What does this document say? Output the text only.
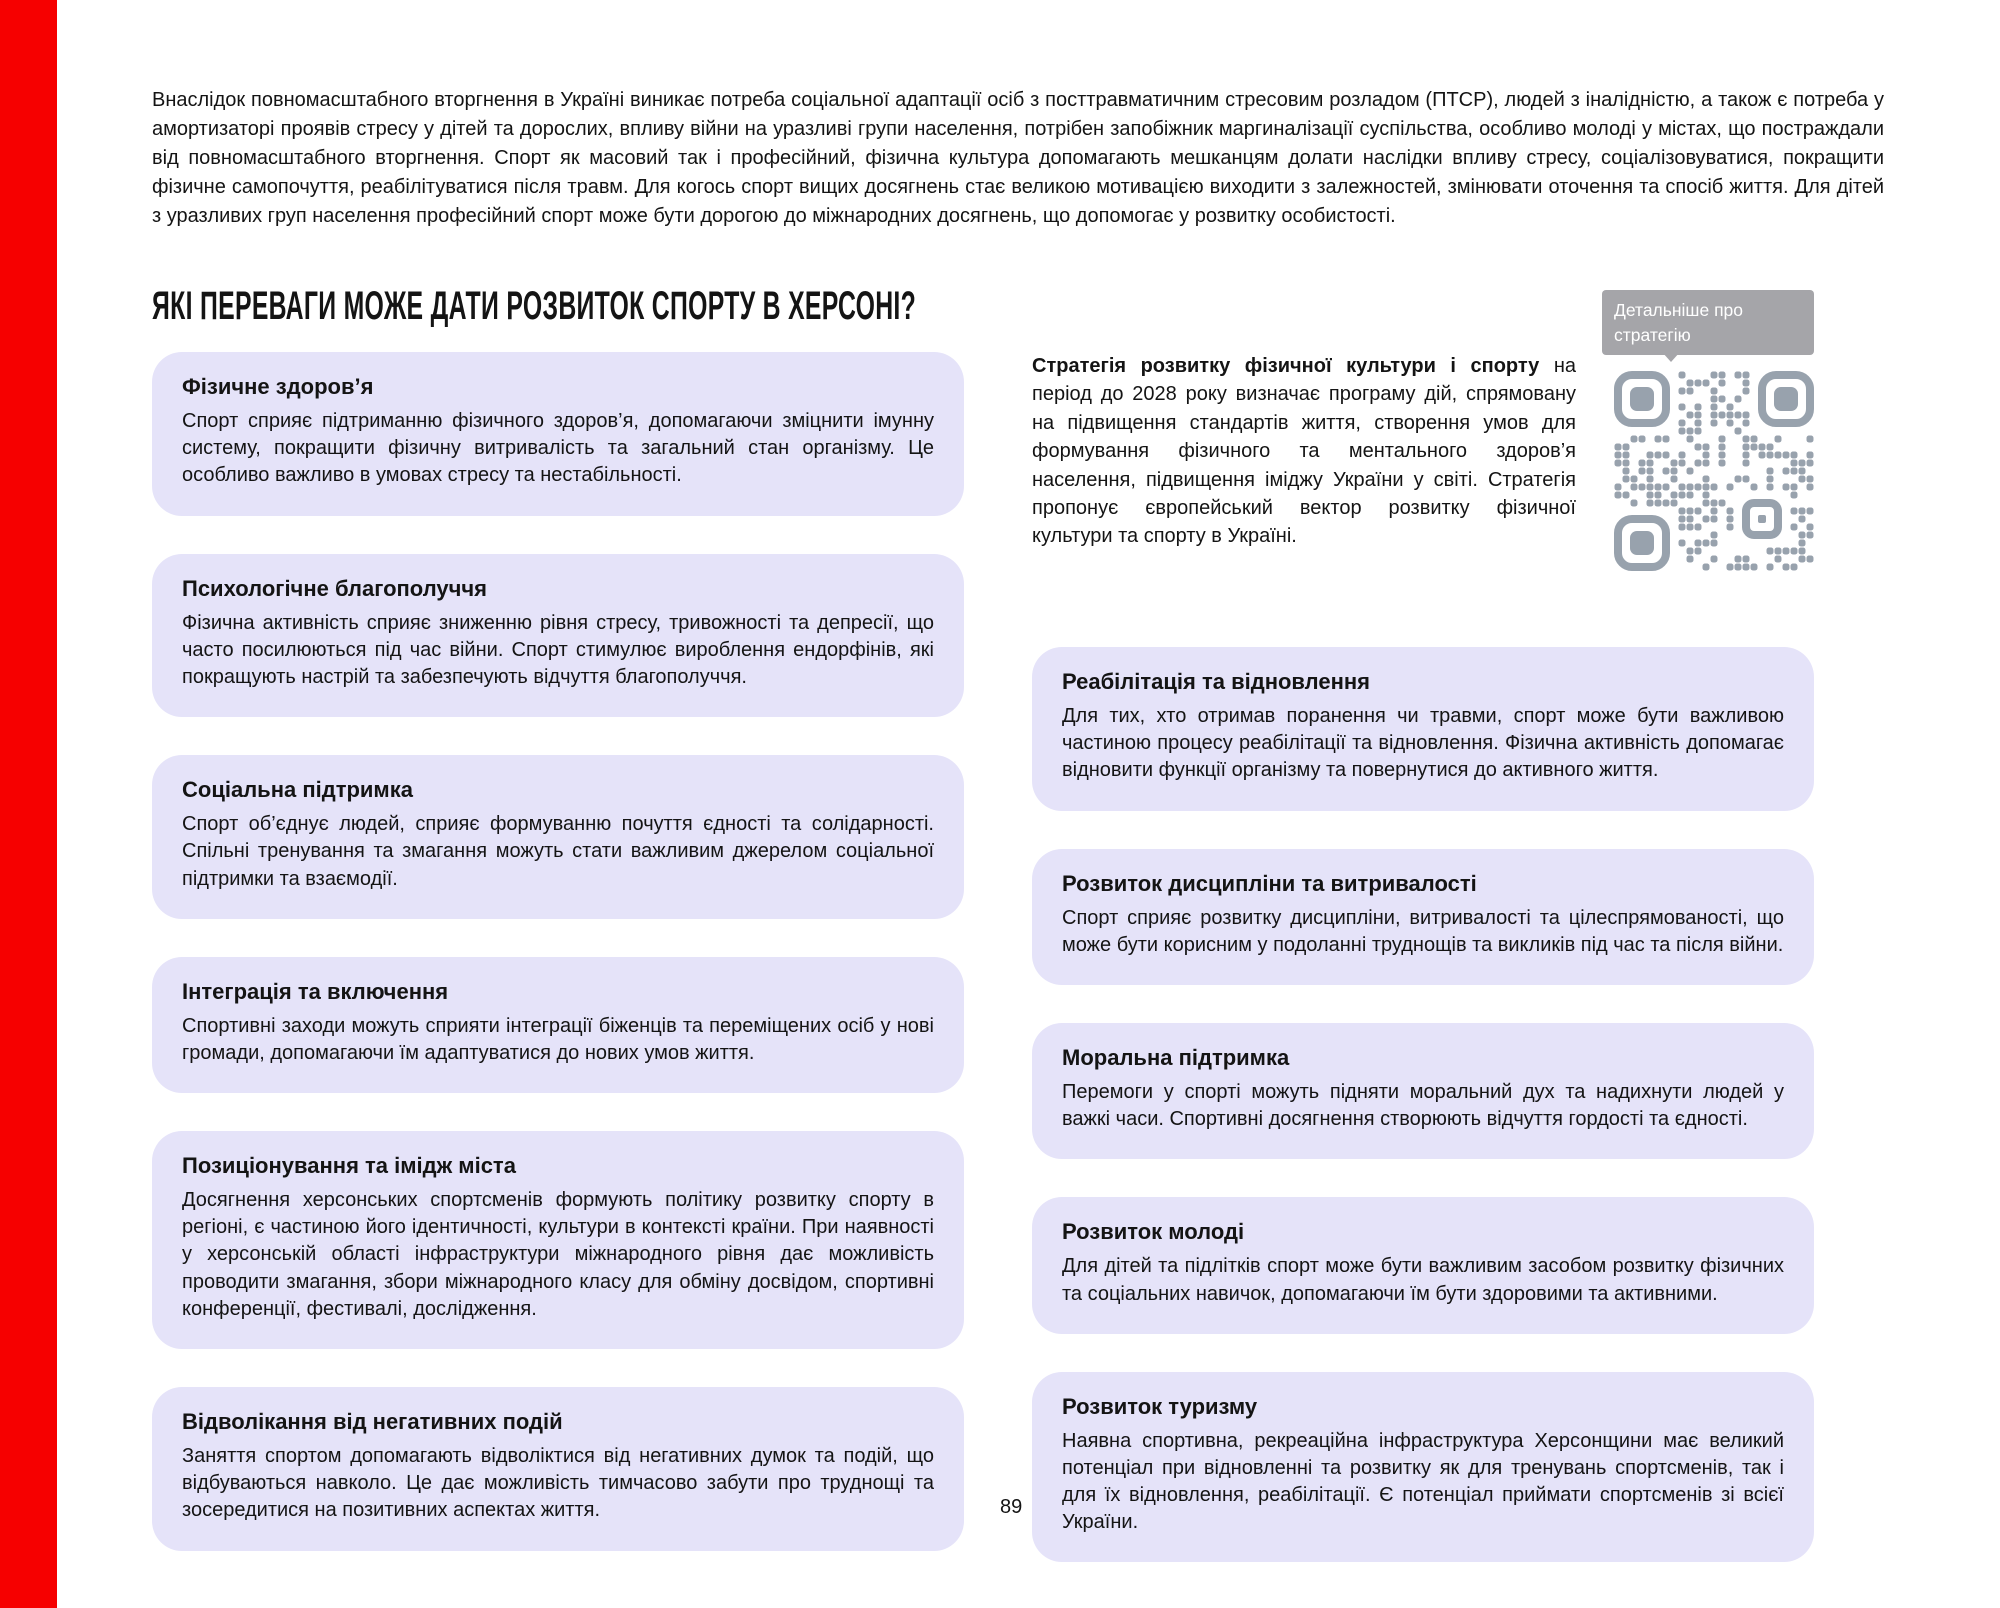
Внаслідок повномасштабного вторгнення в Україні виникає потреба соціальної адаптації осіб з посттравматичним стресовим розладом (ПТСР), людей з іналідністю, а також є потреба у амортизаторі проявів стресу у дітей та дорослих, впливу війни на уразливі групи населення, потрібен запобіжник маргиналізації суспільства, особливо молоді у містах, що постраждали від повномасштабного вторгнення. Спорт як масовий так і професійний, фізична культура допомагають мешканцям долати наслідки впливу стресу, соціалізовуватися, покращити фізичне самопочуття, реабілітуватися після травм. Для когось спорт вищих досягнень стає великою мотивацією виходити з залежностей, змінювати оточення та спосіб життя. Для дітей з уразливих груп населення професійний спорт може бути дорогою до міжнародних досягнень, що допомогає у розвитку особистості.

ЯКІ ПЕРЕВАГИ МОЖЕ ДАТИ РОЗВИТОК СПОРТУ В ХЕРСОНІ?
Фізичне здоров’я

Спорт сприяє підтриманню фізичного здоров’я, допомагаючи зміцнити імунну систему, покращити фізичну витривалість та загальний стан організму. Це особливо важливо в умовах стресу та нестабільності.

Психологічне благополуччя

Фізична активність сприяє зниженню рівня стресу, тривожності та депресії, що часто посилюються під час війни. Спорт стимулює вироблення ендорфінів, які покращують настрій та забезпечують відчуття благополуччя.

Соціальна підтримка

Спорт об’єднує людей, сприяє формуванню почуття єдності та солідарності. Спільні тренування та змагання можуть стати важливим джерелом соціальної підтримки та взаємодії.

Інтеграція та включення

Спортивні заходи можуть сприяти інтеграції біженців та переміщених осіб у нові громади, допомагаючи їм адаптуватися до нових умов життя.

Позиціонування та імідж міста

Досягнення херсонських спортсменів формують політику розвитку спорту в регіоні, є частиною його ідентичності, культури в контексті країни. При наявності у херсонській області інфраструктури міжнародного рівня дає можливість проводити змагання, збори міжнародного класу для обміну досвідом, спортивні конференції, фестивалі, дослідження.

Відволікання від негативних подій

Заняття спортом допомагають відволіктися від негативних думок та подій, що відбуваються навколо. Це дає можливість тимчасово забути про труднощі та зосередитися на позитивних аспектах життя.

Стратегія розвитку фізичної культури і спорту на період до 2028 року визначає програму дій, спрямовану на підвищення стандартів життя, створення умов для формування фізичного та ментального здоров’я населення, підвищення іміджу України у світі. Стратегія пропонує європейський вектор розвитку фізичної культури та спорту в Україні.

Детальніше про стратегію
Реабілітація та відновлення

Для тих, хто отримав поранення чи травми, спорт може бути важливою частиною процесу реабілітації та відновлення. Фізична активність допомагає відновити функції організму та повернутися до активного життя.

Розвиток дисципліни та витривалості

Спорт сприяє розвитку дисципліни, витривалості та цілеспрямованості, що може бути корисним у подоланні труднощів та викликів під час та після війни.

Моральна підтримка

Перемоги у спорті можуть підняти моральний дух та надихнути людей у важкі часи. Спортивні досягнення створюють відчуття гордості та єдності.

Розвиток молоді

Для дітей та підлітків спорт може бути важливим засобом розвитку фізичних та соціальних навичок, допомагаючи їм бути здоровими та активними.

Розвиток туризму

Наявна спортивна, рекреаційна інфраструктура Херсонщини має великий потенціал при відновленні та розвитку як для тренувань спортсменів, так і для їх відновлення, реабілітації. Є потенціал приймати спортсменів зі всієї України.

89
